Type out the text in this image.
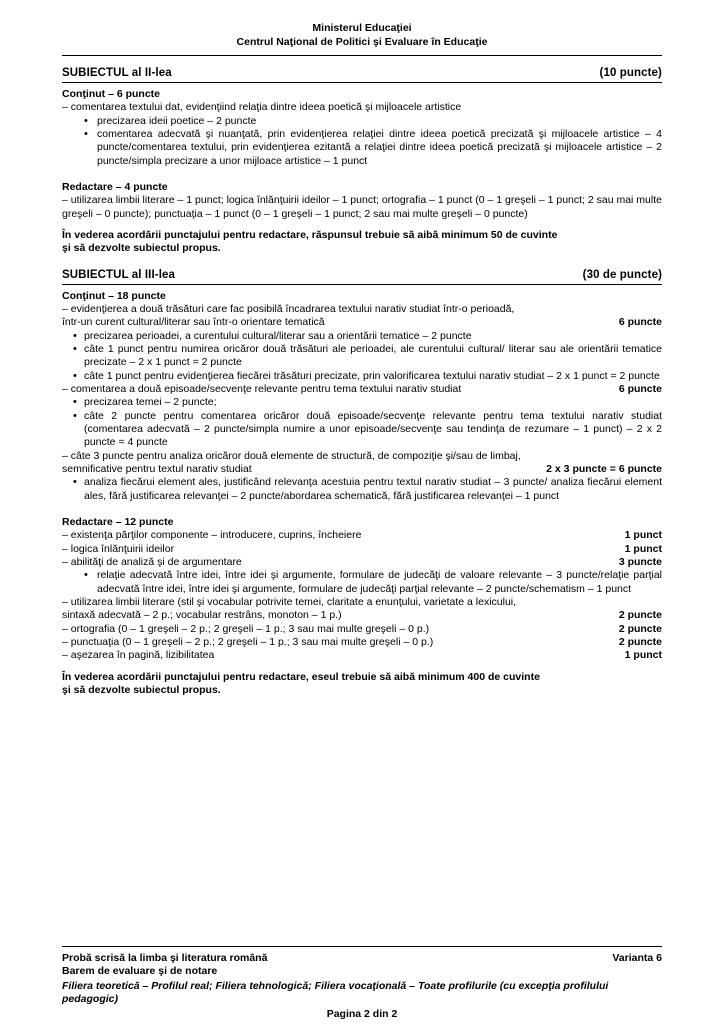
Ministerul Educaţiei
Centrul Naţional de Politici şi Evaluare în Educaţie
SUBIECTUL al II-lea	(10 puncte)
Conţinut – 6 puncte

– comentarea textului dat, evidenţiind relaţia dintre ideea poetică şi mijloacele artistice

• precizarea ideii poetice – 2 puncte

• comentarea adecvată şi nuanţată, prin evidenţierea relaţiei dintre ideea poetică precizată şi mijloacele artistice – 4 puncte/comentarea textului, prin evidenţierea ezitantă a relaţiei dintre ideea poetică precizată şi mijloacele artistice – 2 puncte/simpla precizare a unor mijloace artistice – 1 punct

Redactare – 4 puncte

– utilizarea limbii literare – 1 punct; logica înlănţuirii ideilor – 1 punct; ortografia – 1 punct (0 – 1 greşeli – 1 punct; 2 sau mai multe greşeli – 0 puncte); punctuaţia – 1 punct (0 – 1 greşeli – 1 punct; 2 sau mai multe greşeli – 0 puncte)

În vederea acordării punctajului pentru redactare, răspunsul trebuie să aibă minimum 50 de cuvinte
şi să dezvolte subiectul propus.
SUBIECTUL al III-lea	(30 de puncte)
Conţinut – 18 puncte

– evidenţierea a două trăsături care fac posibilă încadrarea textului narativ studiat într-o perioadă,

într-un curent cultural/literar sau într-o orientare tematică	6 puncte

• precizarea perioadei, a curentului cultural/literar sau a orientării tematice – 2 puncte

• câte 1 punct pentru numirea oricăror două trăsături ale perioadei, ale curentului cultural/ literar sau ale orientării tematice precizate – 2 x 1 punct = 2 puncte

• câte 1 punct pentru evidenţierea fiecărei trăsături precizate, prin valorificarea textului narativ studiat – 2 x 1 punct = 2 puncte

– comentarea a două episoade/secvenţe relevante pentru tema textului narativ studiat	6 puncte

• precizarea temei – 2 puncte;

• câte 2 puncte pentru comentarea oricăror două episoade/secvenţe relevante pentru tema textului narativ studiat (comentarea adecvată – 2 puncte/simpla numire a unor episoade/secvenţe sau tendinţa de rezumare – 1 punct) – 2 x 2 puncte = 4 puncte

– câte 3 puncte pentru analiza oricăror două elemente de structură, de compoziţie şi/sau de limbaj,

semnificative pentru textul narativ studiat	2 x 3 puncte = 6 puncte

• analiza fiecărui element ales, justificând relevanţa acestuia pentru textul narativ studiat – 3 puncte/ analiza fiecărui element ales, fără justificarea relevanţei – 2 puncte/abordarea schematică, fără justificarea relevanţei – 1 punct

Redactare – 12 puncte
– existenţa părţilor componente – introducere, cuprins, încheiere	1 punct
– logica înlănţuirii ideilor	1 punct
– abilităţi de analiză şi de argumentare	3 puncte

• relaţie adecvată între idei, între idei şi argumente, formulare de judecăţi de valoare relevante – 3 puncte/relaţie parţial adecvată între idei, între idei şi argumente, formulare de judecăţi parţial relevante – 2 puncte/schematism – 1 punct

– utilizarea limbii literare (stil şi vocabular potrivite temei, claritate a enunţului, varietate a lexicului,
sintaxă adecvată – 2 p.; vocabular restrâns, monoton – 1 p.)	2 puncte
– ortografia (0 – 1 greşeli – 2 p.; 2 greşeli – 1 p.; 3 sau mai multe greşeli – 0 p.)	2 puncte
– punctuaţia (0 – 1 greşeli – 2 p.; 2 greşeli – 1 p.; 3 sau mai multe greşeli – 0 p.)	2 puncte
– aşezarea în pagină, lizibilitatea	1 punct
În vederea acordării punctajului pentru redactare, eseul trebuie să aibă minimum 400 de cuvinte
şi să dezvolte subiectul propus.
Probă scrisă la limba şi literatura română	Varianta 6
Barem de evaluare şi de notare
Filiera teoretică – Profilul real; Filiera tehnologică; Filiera vocaţională – Toate profilurile (cu excepţia profilului pedagogic)
Pagina 2 din 2
